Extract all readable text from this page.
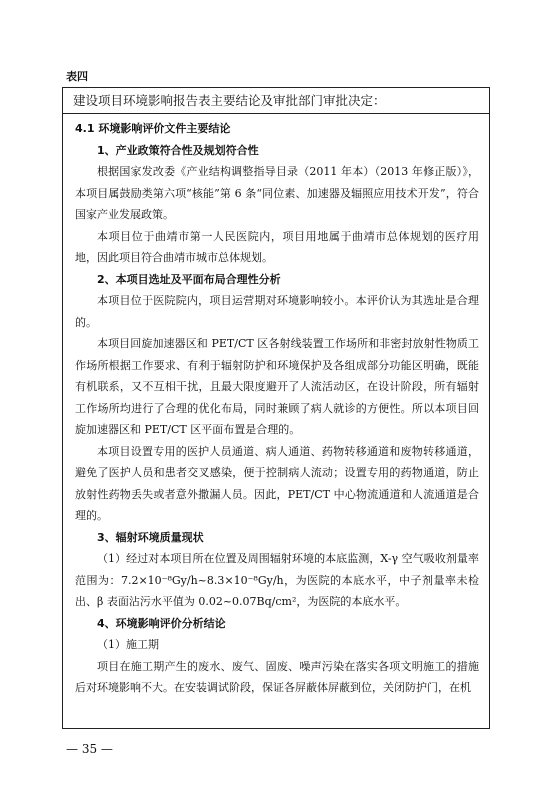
表四
建设项目环境影响报告表主要结论及审批部门审批决定：
4.1 环境影响评价文件主要结论
1、产业政策符合性及规划符合性

根据国家发改委《产业结构调整指导目录（2011 年本）（2013 年修正版）》，本项目属鼓励类第六项“核能”第 6 条“同位素、加速器及辐照应用技术开发”，符合国家产业发展政策。

本项目位于曲靖市第一人民医院内，项目用地属于曲靖市总体规划的医疗用地，因此项目符合曲靖市城市总体规划。

2、本项目选址及平面布局合理性分析

本项目位于医院院内，项目运营期对环境影响较小。本评价认为其选址是合理的。

本项目回旋加速器区和 PET/CT 区各射线装置工作场所和非密封放射性物质工作场所根据工作要求、有利于辐射防护和环境保护及各组成部分功能区明确，既能有机联系，又不互相干扰，且最大限度避开了人流活动区，在设计阶段，所有辐射工作场所均进行了合理的优化布局，同时兼顾了病人就诊的方便性。所以本项目回旋加速器区和 PET/CT 区平面布置是合理的。

本项目设置专用的医护人员通道、病人通道、药物转移通道和废物转移通道，避免了医护人员和患者交叉感染，便于控制病人流动；设置专用的药物通道，防止放射性药物丢失或者意外撒漏人员。因此，PET/CT 中心物流通道和人流通道是合理的。

3、辐射环境质量现状

（1）经过对本项目所在位置及周围辐射环境的本底监测，X-γ 空气吸收剂量率范围为：7.2×10⁻⁸Gy/h~8.3×10⁻⁸Gy/h，为医院的本底水平，中子剂量率未检出、β 表面沾污水平值为 0.02~0.07Bq/cm²，为医院的本底水平。

4、环境影响评价分析结论

（1）施工期

项目在施工期产生的废水、废气、固废、噪声污染在落实各项文明施工的措施后对环境影响不大。在安装调试阶段，保证各屏蔽体屏蔽到位，关闭防护门，在机

— 35 —
